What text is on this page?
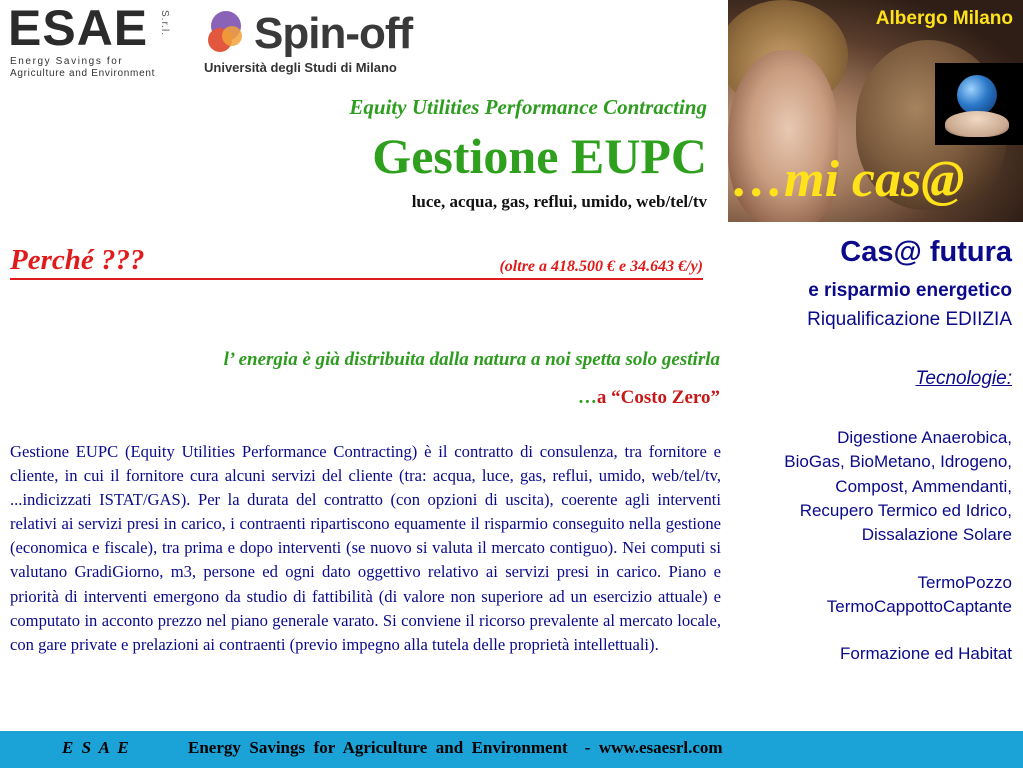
ESAE S.r.l.
Energy Savings for
Agriculture and Environment
Spin-off
Università degli Studi di Milano
Equity Utilities Performance Contracting
Gestione EUPC
luce, acqua, gas, reflui, umido, web/tel/tv
Albergo Milano
…mi cas@
Perché ???	(oltre a 418.500 € e 34.643 €/y)
l’ energia è già distribuita dalla natura a noi spetta solo gestirla
…a “Costo Zero”
Gestione EUPC (Equity Utilities Performance Contracting) è il contratto di consulenza, tra fornitore e cliente, in cui il fornitore cura alcuni servizi del cliente (tra: acqua, luce, gas, reflui, umido, web/tel/tv, ...indicizzati ISTAT/GAS). Per la durata del contratto (con opzioni di uscita), coerente agli interventi relativi ai servizi presi in carico, i contraenti ripartiscono equamente il risparmio conseguito nella gestione (economica e fiscale), tra prima e dopo interventi (se nuovo si valuta il mercato contiguo). Nei computi si valutano GradiGiorno, m3, persone ed ogni dato oggettivo relativo ai servizi presi in carico. Piano e priorità di interventi emergono da studio di fattibilità (di valore non superiore ad un esercizio attuale) e computato in acconto prezzo nel piano generale varato. Si conviene il ricorso prevalente al mercato locale, con gare private e prelazioni ai contraenti (previo impegno alla tutela delle proprietà intellettuali).
Cas@ futura
e risparmio energetico
Riqualificazione EDIIZIA
Tecnologie:
Digestione Anaerobica,
BioGas, BioMetano, Idrogeno,
Compost, Ammendanti,
Recupero Termico ed Idrico,
Dissalazione Solare
TermoPozzo
TermoCappottoCaptante
Formazione ed Habitat
E S A E	Energy  Savings  for  Agriculture  and  Environment    -  www.esaesrl.com
